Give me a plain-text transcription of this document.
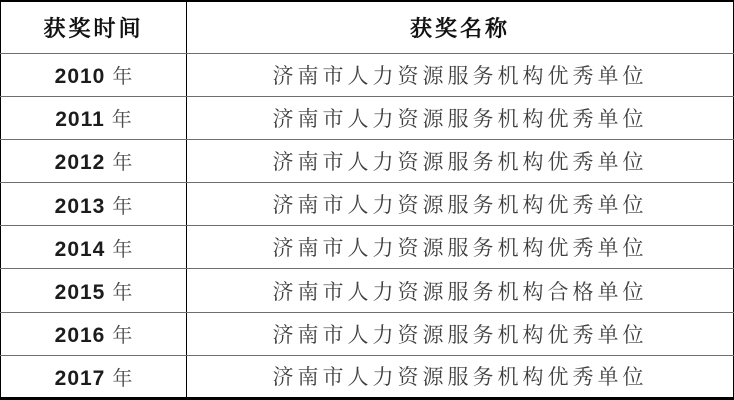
获奖时间	获奖名称
2010 年	济南市人力资源服务机构优秀单位
2011 年	济南市人力资源服务机构优秀单位
2012 年	济南市人力资源服务机构优秀单位
2013 年	济南市人力资源服务机构优秀单位
2014 年	济南市人力资源服务机构优秀单位
2015 年	济南市人力资源服务机构合格单位
2016 年	济南市人力资源服务机构优秀单位
2017 年	济南市人力资源服务机构优秀单位
